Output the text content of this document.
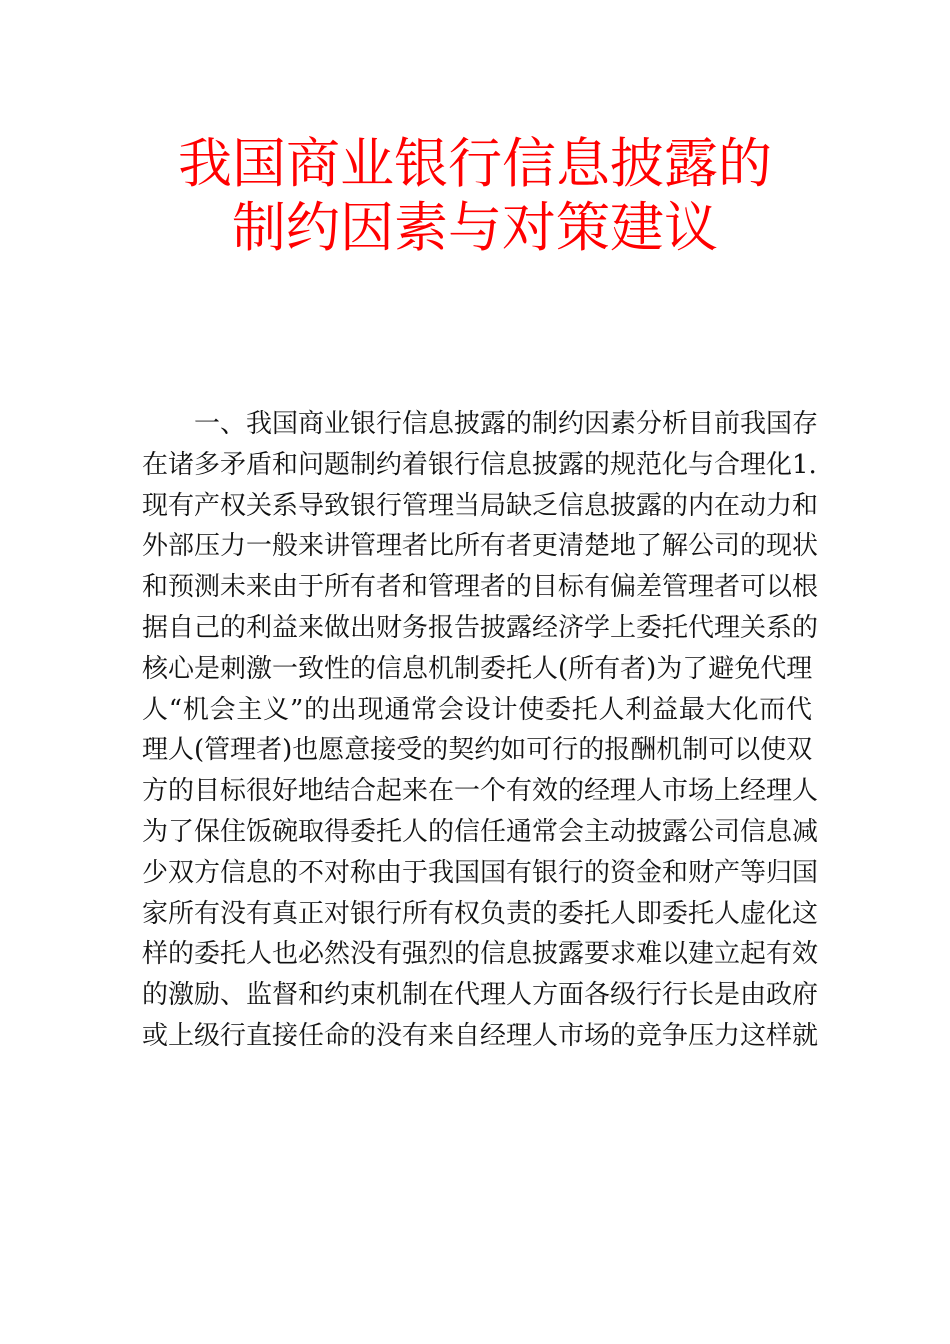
我国商业银行信息披露的
制约因素与对策建议
一、我国商业银行信息披露的制约因素分析目前我国存
在诸多矛盾和问题制约着银行信息披露的规范化与合理化1.
现有产权关系导致银行管理当局缺乏信息披露的内在动力和
外部压力一般来讲管理者比所有者更清楚地了解公司的现状
和预测未来由于所有者和管理者的目标有偏差管理者可以根
据自己的利益来做出财务报告披露经济学上委托代理关系的
核心是刺激一致性的信息机制委托人(所有者)为了避免代理
人“机会主义”的出现通常会设计使委托人利益最大化而代
理人(管理者)也愿意接受的契约如可行的报酬机制可以使双
方的目标很好地结合起来在一个有效的经理人市场上经理人
为了保住饭碗取得委托人的信任通常会主动披露公司信息减
少双方信息的不对称由于我国国有银行的资金和财产等归国
家所有没有真正对银行所有权负责的委托人即委托人虚化这
样的委托人也必然没有强烈的信息披露要求难以建立起有效
的激励、监督和约束机制在代理人方面各级行行长是由政府
或上级行直接任命的没有来自经理人市场的竞争压力这样就
